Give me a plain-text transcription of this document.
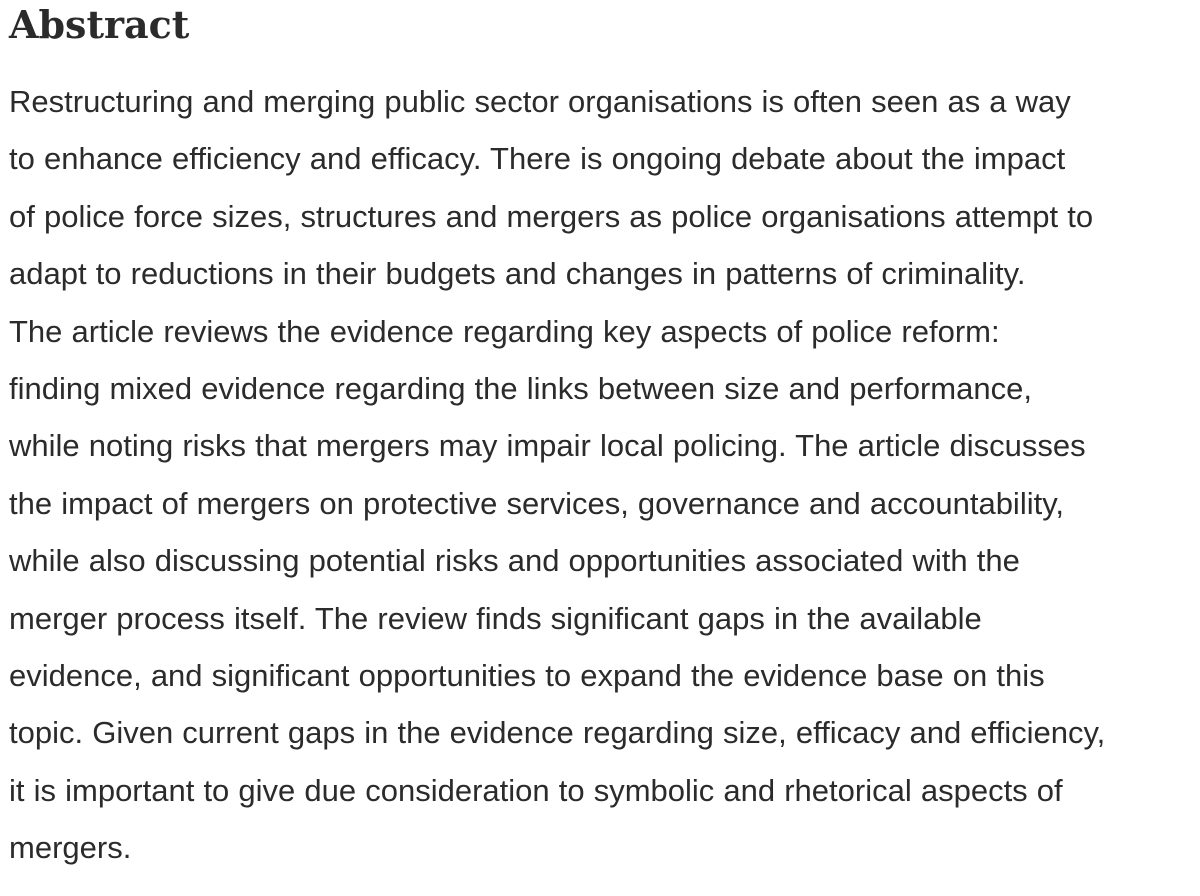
Abstract

Restructuring and merging public sector organisations is often seen as a way
to enhance efficiency and efficacy. There is ongoing debate about the impact
of police force sizes, structures and mergers as police organisations attempt to
adapt to reductions in their budgets and changes in patterns of criminality.
The article reviews the evidence regarding key aspects of police reform:
finding mixed evidence regarding the links between size and performance,
while noting risks that mergers may impair local policing. The article discusses
the impact of mergers on protective services, governance and accountability,
while also discussing potential risks and opportunities associated with the
merger process itself. The review finds significant gaps in the available
evidence, and significant opportunities to expand the evidence base on this
topic. Given current gaps in the evidence regarding size, efficacy and efficiency,
it is important to give due consideration to symbolic and rhetorical aspects of
mergers.
